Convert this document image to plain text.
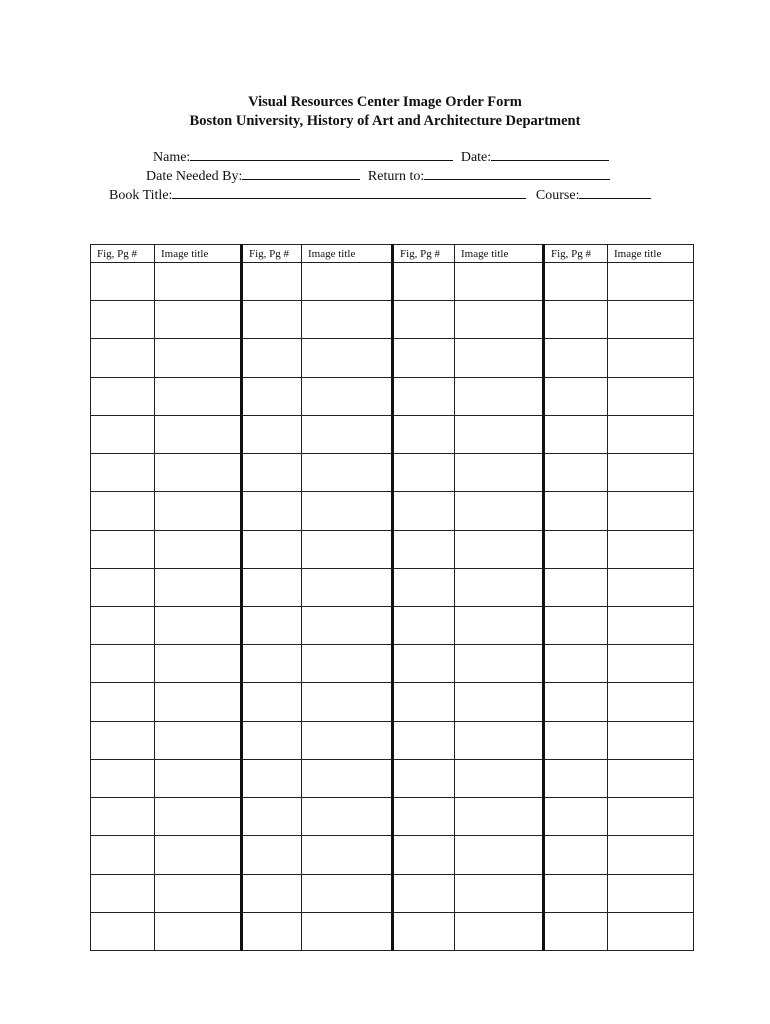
Visual Resources Center Image Order Form
Boston University, History of Art and Architecture Department
Name:	Date:
Date Needed By:	Return to:
Book Title:	Course:
Fig, Pg #	Image title	Fig, Pg #	Image title	Fig, Pg #	Image title	Fig, Pg #	Image title
